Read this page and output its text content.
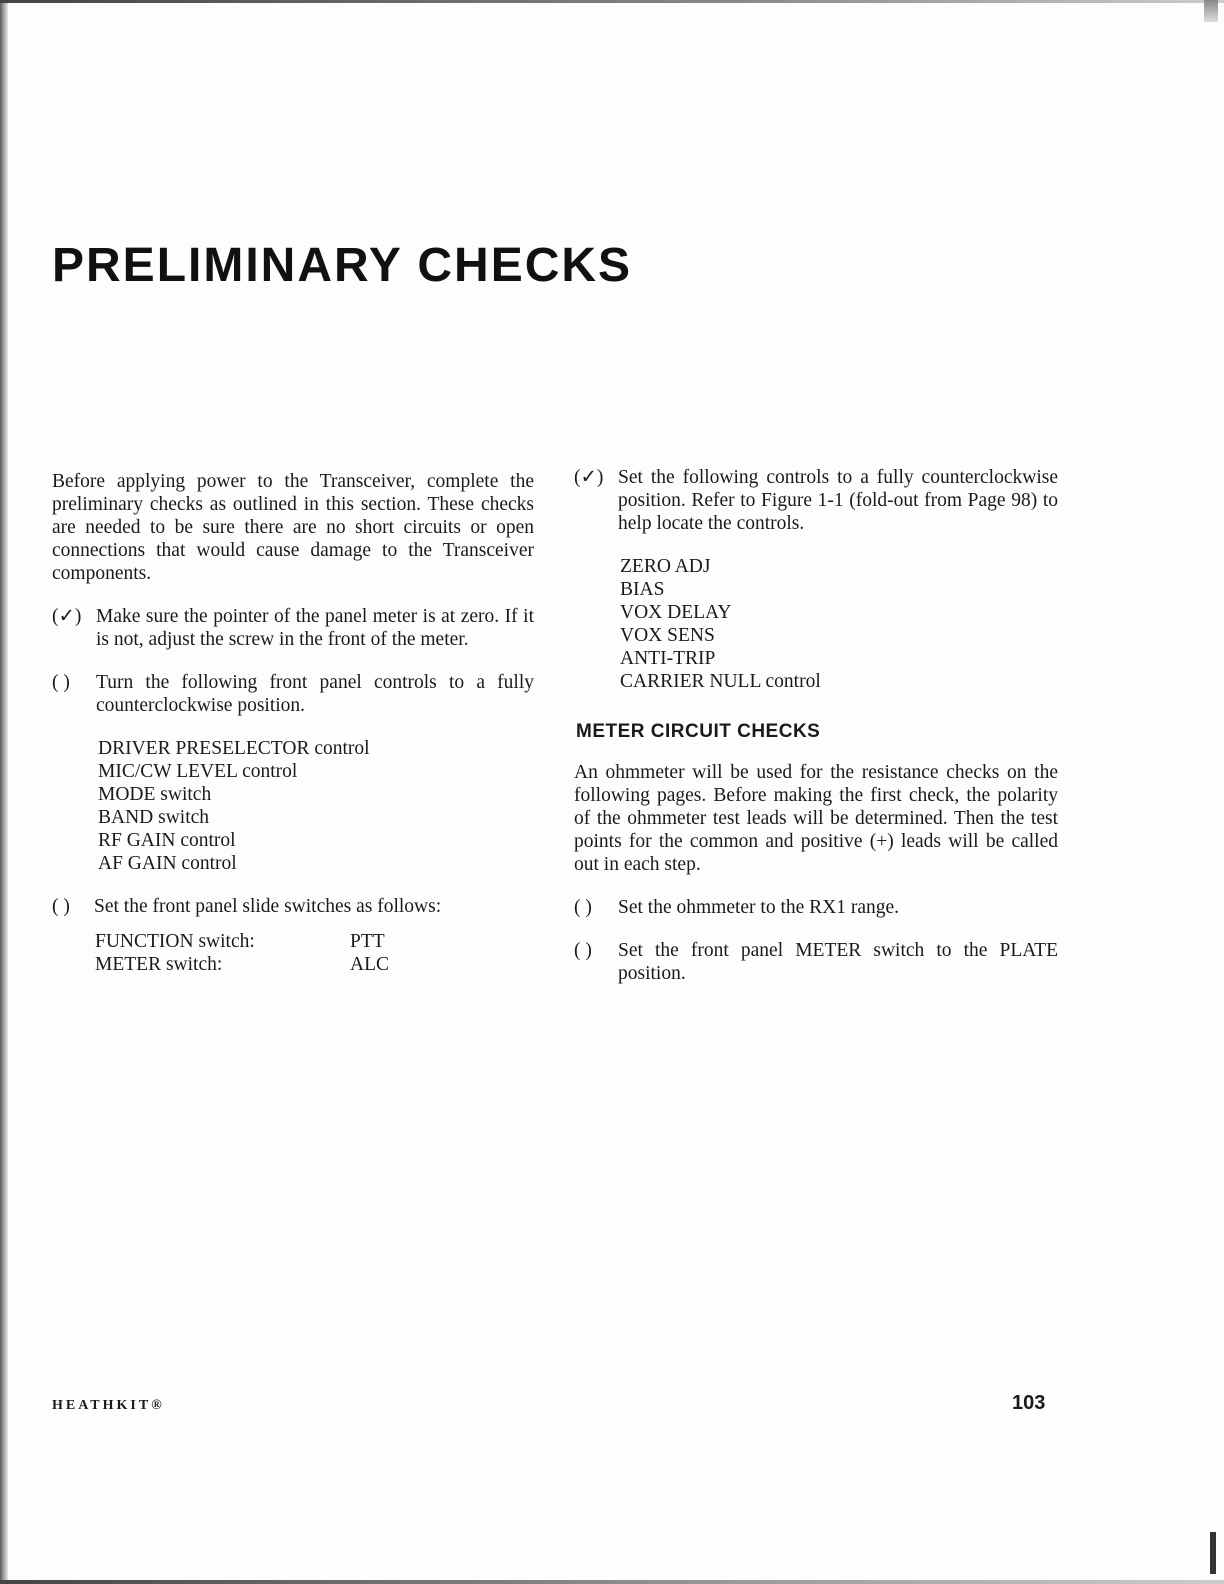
PRELIMINARY CHECKS

Before applying power to the Transceiver, complete the preliminary checks as outlined in this section. These checks are needed to be sure there are no short circuits or open connections that would cause damage to the Transceiver components.

(✓) Make sure the pointer of the panel meter is at zero. If it is not, adjust the screw in the front of the meter.
( )	Turn the following front panel controls to a fully counterclockwise position.
DRIVER PRESELECTOR control
MIC/CW LEVEL control
MODE switch
BAND switch
RF GAIN control
AF GAIN control
( )	Set the front panel slide switches as follows:
FUNCTION switch:	PTT
METER switch:	ALC
(✓) Set the following controls to a fully counterclockwise position. Refer to Figure 1-1 (fold-out from Page 98) to help locate the controls.
ZERO ADJ
BIAS
VOX DELAY
VOX SENS
ANTI-TRIP
CARRIER NULL control
METER CIRCUIT CHECKS

An ohmmeter will be used for the resistance checks on the following pages. Before making the first check, the polarity of the ohmmeter test leads will be determined. Then the test points for the common and positive (+) leads will be called out in each step.

( )	Set the ohmmeter to the RX1 range.
( )	Set the front panel METER switch to the PLATE position.
HEATHKIT®	103
